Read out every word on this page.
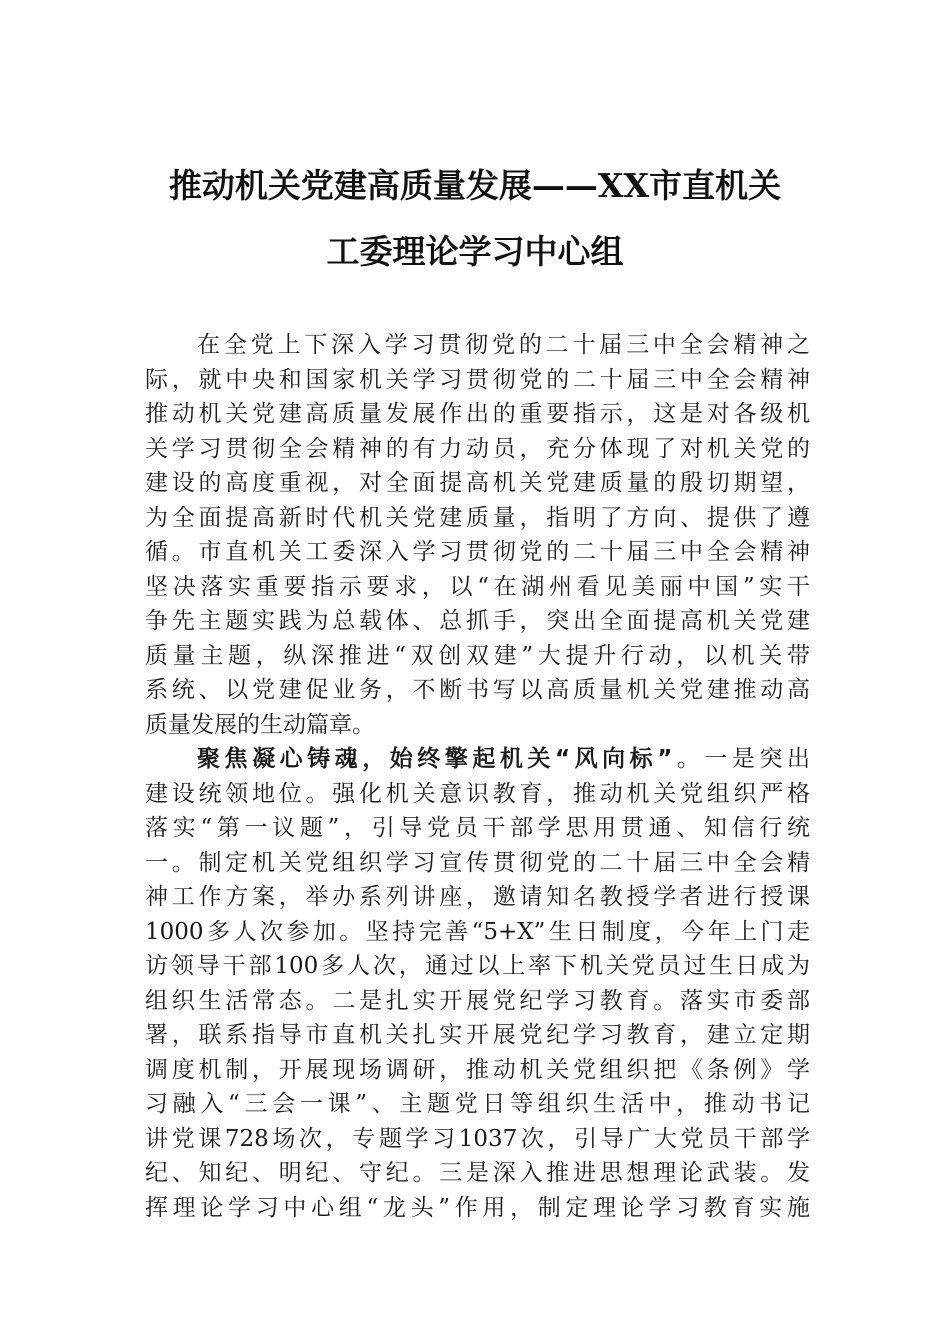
推动机关党建高质量发展——XX市直机关
工委理论学习中心组
在全党上下深入学习贯彻党的二十届三中全会精神之
际，就中央和国家机关学习贯彻党的二十届三中全会精神
推动机关党建高质量发展作出的重要指示，这是对各级机
关学习贯彻全会精神的有力动员，充分体现了对机关党的
建设的高度重视，对全面提高机关党建质量的殷切期望，
为全面提高新时代机关党建质量，指明了方向、提供了遵
循。市直机关工委深入学习贯彻党的二十届三中全会精神
坚决落实重要指示要求，以“在湖州看见美丽中国”实干
争先主题实践为总载体、总抓手，突出全面提高机关党建
质量主题，纵深推进“双创双建”大提升行动，以机关带
系统、以党建促业务，不断书写以高质量机关党建推动高
质量发展的生动篇章。
聚焦凝心铸魂，始终擎起机关“风向标”。一是突出
建设统领地位。强化机关意识教育，推动机关党组织严格
落实“第一议题”，引导党员干部学思用贯通、知信行统
一。制定机关党组织学习宣传贯彻党的二十届三中全会精
神工作方案，举办系列讲座，邀请知名教授学者进行授课
1000多人次参加。坚持完善“5+X”生日制度，今年上门走
访领导干部100多人次，通过以上率下机关党员过生日成为
组织生活常态。二是扎实开展党纪学习教育。落实市委部
署，联系指导市直机关扎实开展党纪学习教育，建立定期
调度机制，开展现场调研，推动机关党组织把《条例》学
习融入“三会一课”、主题党日等组织生活中，推动书记
讲党课728场次，专题学习1037次，引导广大党员干部学
纪、知纪、明纪、守纪。三是深入推进思想理论武装。发
挥理论学习中心组“龙头”作用，制定理论学习教育实施
